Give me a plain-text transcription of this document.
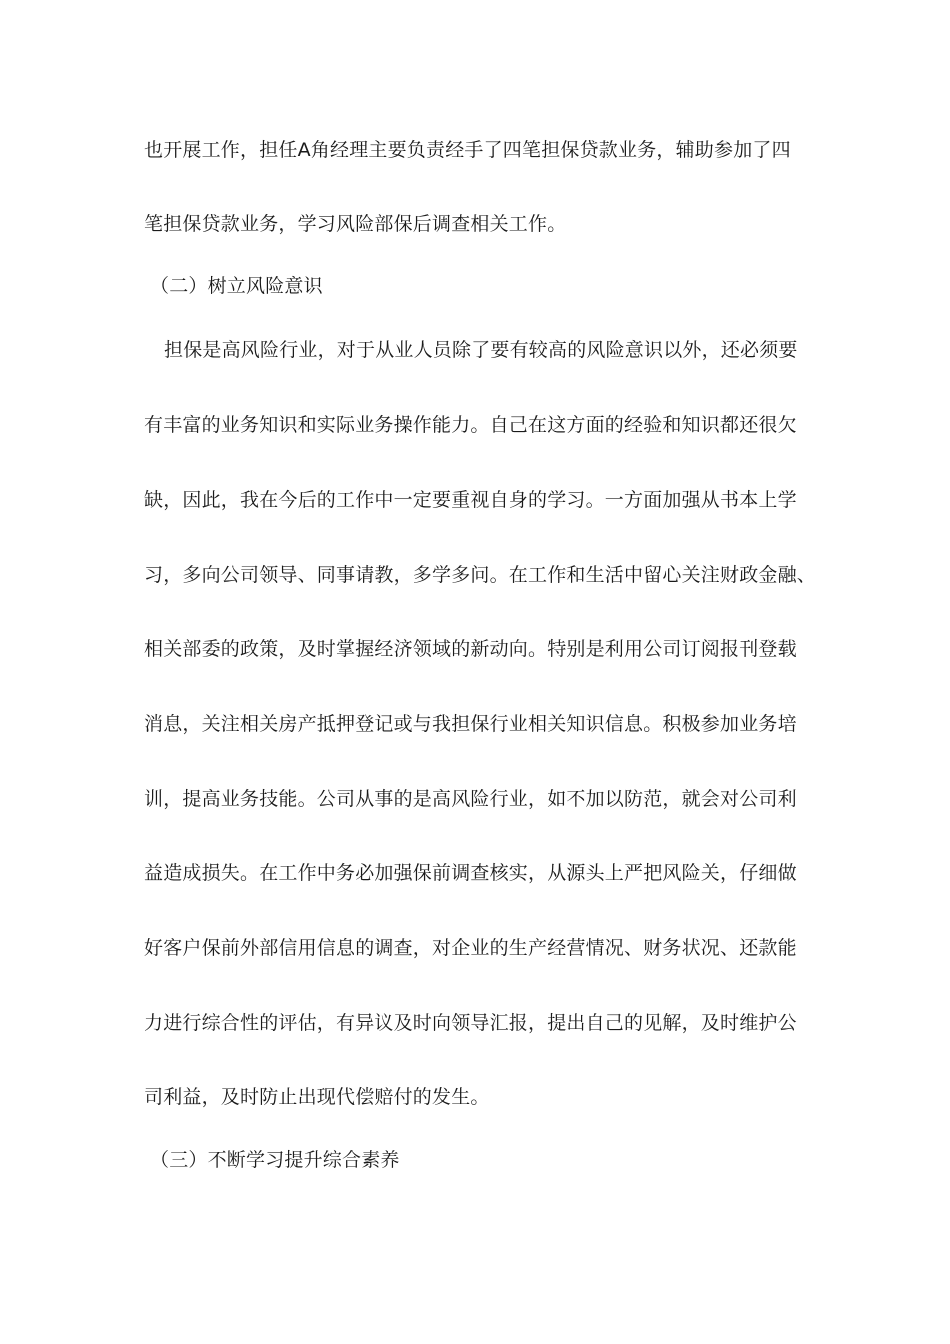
也开展工作，担任A角经理主要负责经手了四笔担保贷款业务，辅助参加了四
笔担保贷款业务，学习风险部保后调查相关工作。
（二）树立风险意识
担保是高风险行业，对于从业人员除了要有较高的风险意识以外，还必须要
有丰富的业务知识和实际业务操作能力。自己在这方面的经验和知识都还很欠
缺，因此，我在今后的工作中一定要重视自身的学习。一方面加强从书本上学
习，多向公司领导、同事请教，多学多问。在工作和生活中留心关注财政金融、
相关部委的政策，及时掌握经济领域的新动向。特别是利用公司订阅报刊登载
消息，关注相关房产抵押登记或与我担保行业相关知识信息。积极参加业务培
训，提高业务技能。公司从事的是高风险行业，如不加以防范，就会对公司利
益造成损失。在工作中务必加强保前调查核实，从源头上严把风险关，仔细做
好客户保前外部信用信息的调查，对企业的生产经营情况、财务状况、还款能
力进行综合性的评估，有异议及时向领导汇报，提出自己的见解，及时维护公
司利益，及时防止出现代偿赔付的发生。
（三）不断学习提升综合素养
